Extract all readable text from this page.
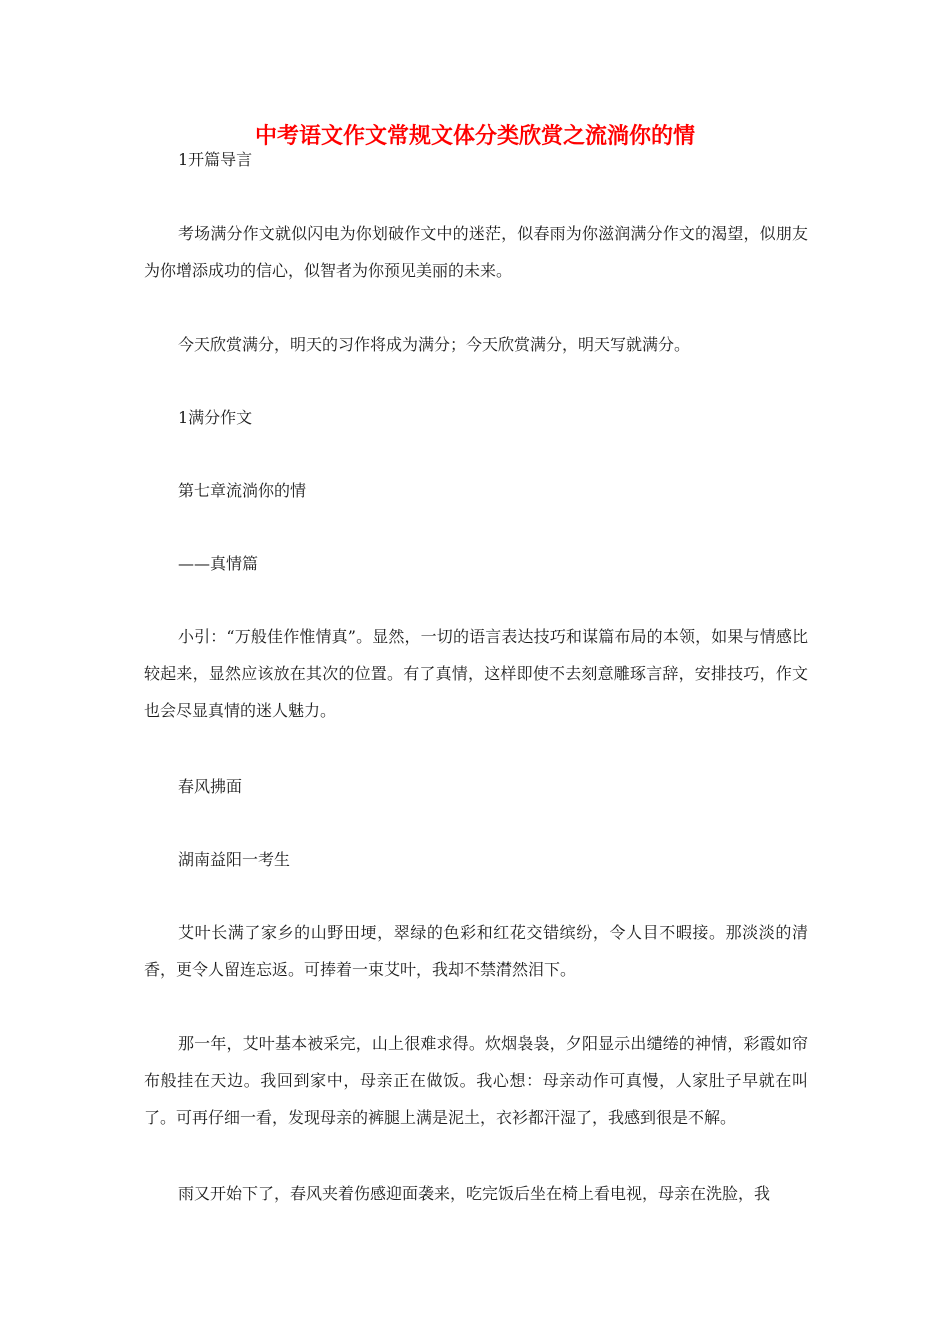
中考语文作文常规文体分类欣赏之流淌你的情

1开篇导言

考场满分作文就似闪电为你划破作文中的迷茫，似春雨为你滋润满分作文的渴望，似朋友为你增添成功的信心，似智者为你预见美丽的未来。

今天欣赏满分，明天的习作将成为满分；今天欣赏满分，明天写就满分。

1满分作文

第七章流淌你的情

——真情篇

小引：“万般佳作惟情真”。显然，一切的语言表达技巧和谋篇布局的本领，如果与情感比较起来，显然应该放在其次的位置。有了真情，这样即使不去刻意雕琢言辞，安排技巧，作文也会尽显真情的迷人魅力。

春风拂面

湖南益阳一考生

艾叶长满了家乡的山野田埂，翠绿的色彩和红花交错缤纷，令人目不暇接。那淡淡的清香，更令人留连忘返。可捧着一束艾叶，我却不禁潸然泪下。

那一年，艾叶基本被采完，山上很难求得。炊烟袅袅，夕阳显示出缱绻的神情，彩霞如帘布般挂在天边。我回到家中，母亲正在做饭。我心想：母亲动作可真慢，人家肚子早就在叫了。可再仔细一看，发现母亲的裤腿上满是泥土，衣衫都汗湿了，我感到很是不解。

雨又开始下了，春风夹着伤感迎面袭来，吃完饭后坐在椅上看电视，母亲在洗脸，我
